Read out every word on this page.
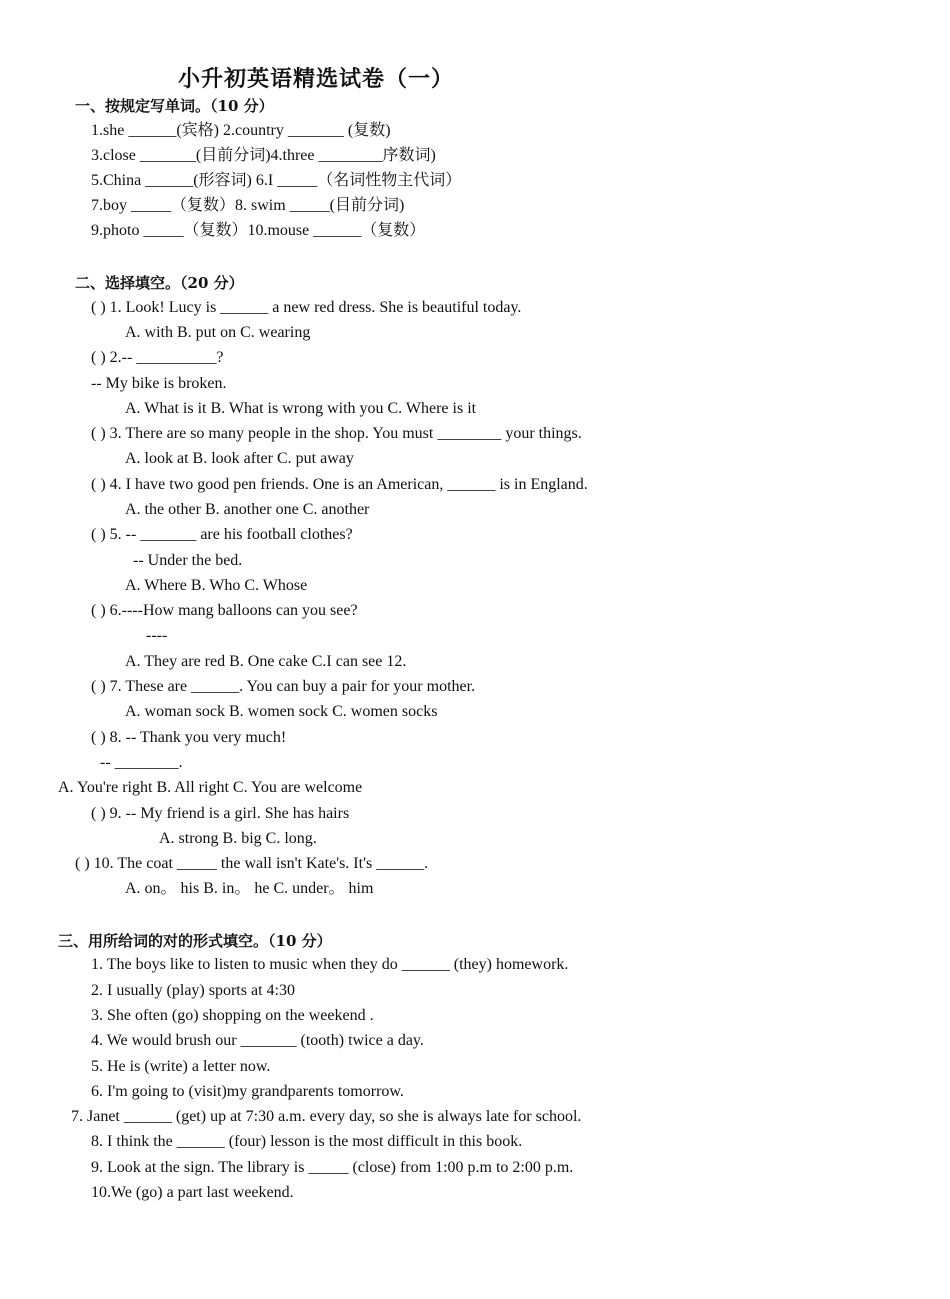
小升初英语精选试卷（一）
一、按规定写单词。（10 分）
1.she ______(宾格) 2.country _______ (复数)
3.close _______(目前分词)4.three ________序数词)
5.China ______(形容词) 6.I _____（名词性物主代词）
7.boy _____（复数）8. swim _____(目前分词)
9.photo _____（复数）10.mouse ______（复数）
二、选择填空。（20 分）
( ) 1. Look! Lucy is ______ a new red dress. She is beautiful today.
A. with B. put on C. wearing
( ) 2.-- __________?
-- My bike is broken.
A. What is it B. What is wrong with you C. Where is it
( ) 3. There are so many people in the shop. You must ________ your things.
A. look at B. look after C. put away
( ) 4. I have two good pen friends. One is an American, ______ is in England.
A. the other B. another one C. another
( ) 5. -- _______ are his football clothes?
-- Under the bed.
A. Where B. Who C. Whose
( ) 6.----How mang balloons can you see?
----
A. They are red B. One cake C.I can see 12.
( ) 7. These are ______. You can buy a pair for your mother.
A. woman sock B. women sock C. women socks
( ) 8. -- Thank you very much!
-- ________.
A. You're right B. All right C. You are welcome
( ) 9. -- My friend is a girl. She has hairs
A. strong B. big C. long.
( ) 10. The coat _____ the wall isn't Kate's. It's ______.
A. on。 his B. in。 he C. under。 him
三、用所给词的对的形式填空。（10 分）
1. The boys like to listen to music when they do ______ (they) homework.
2. I usually (play) sports at 4:30
3. She often (go) shopping on the weekend .
4. We would brush our _______ (tooth) twice a day.
5. He is (write) a letter now.
6. I'm going to (visit)my grandparents tomorrow.
7. Janet ______ (get) up at 7:30 a.m. every day, so she is always late for school.
8. I think the ______ (four) lesson is the most difficult in this book.
9. Look at the sign. The library is _____ (close) from 1:00 p.m to 2:00 p.m.
10.We (go) a part last weekend.
